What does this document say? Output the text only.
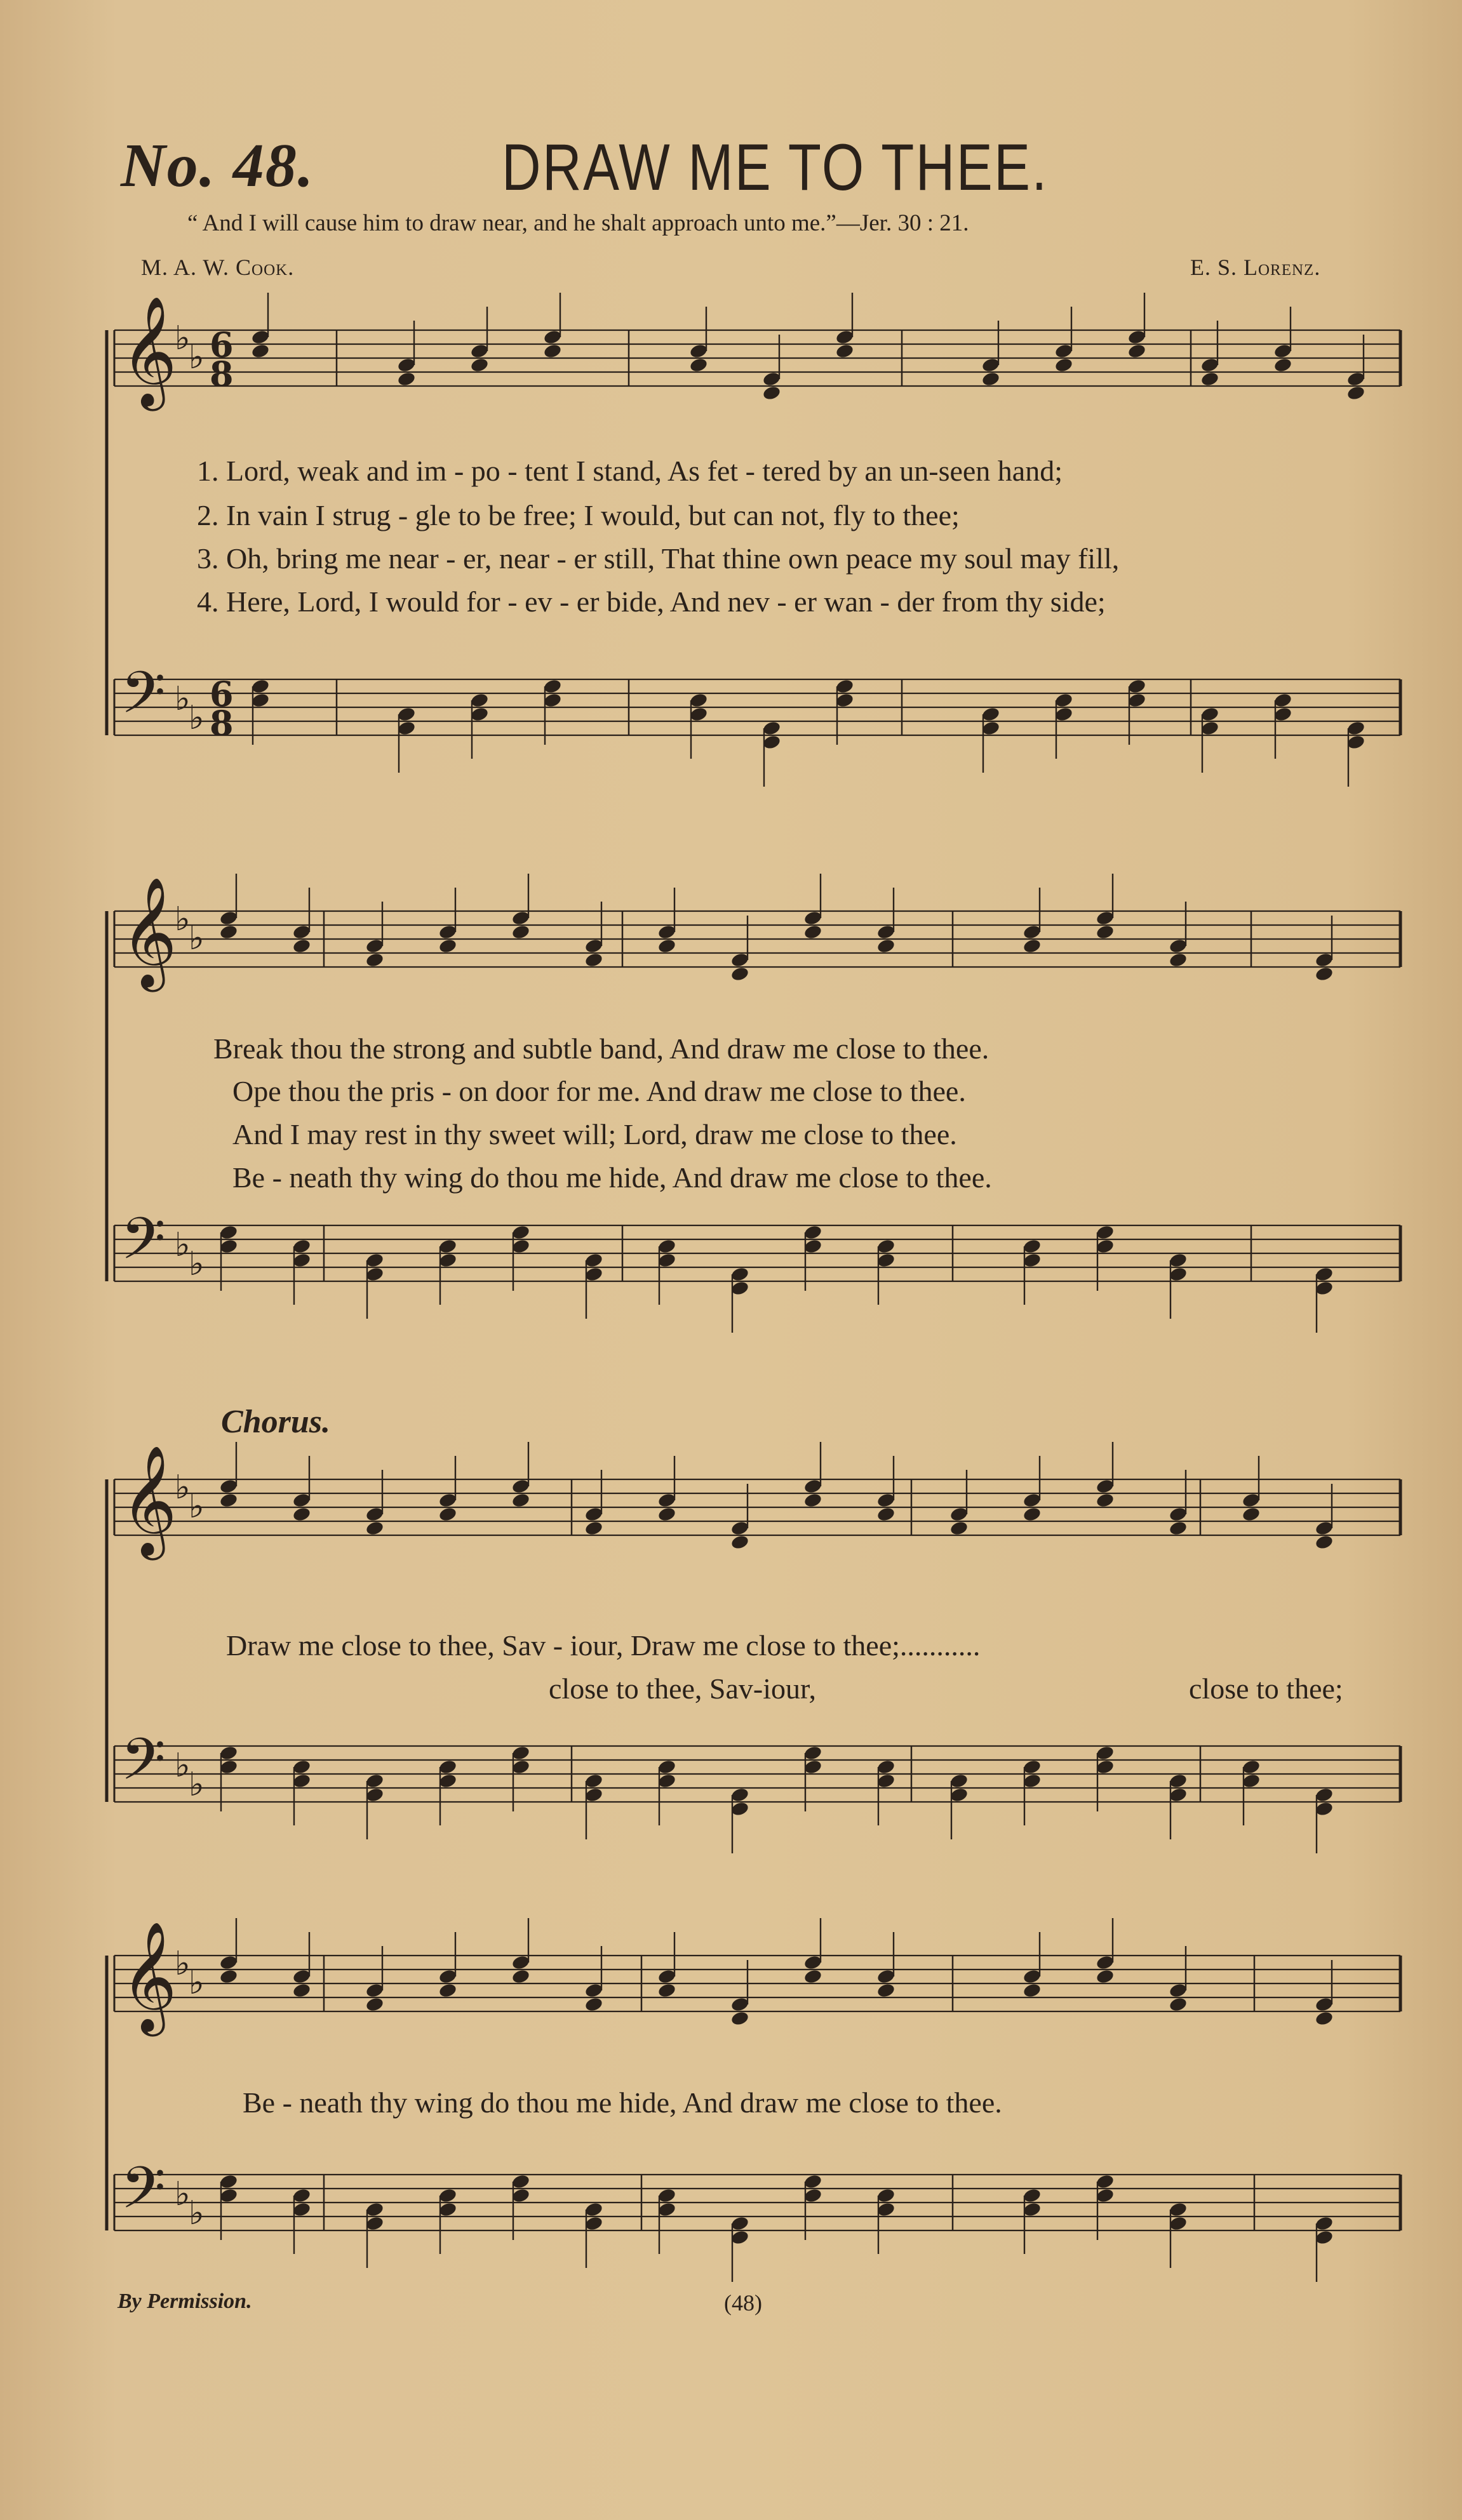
No. 48.	DRAW ME TO THEE.
“ And I will cause him to draw near, and he shalt approach unto me.”—Jer. 30 : 21.
M. A. W. Cook.	E. S. Lorenz.
1. Lord, weak and im - po - tent I stand, As fet - tered by an un-seen hand;
2. In vain I strug - gle to be free; I would, but can not, fly to thee;
3. Oh, bring me near - er, near - er still, That thine own peace my soul may fill,
4. Here, Lord, I would for - ev - er bide, And nev - er wan - der from thy side;
Break thou the strong and subtle band, And draw me close to thee.
Ope thou the pris - on door for me. And draw me close to thee.
And I may rest in thy sweet will; Lord, draw me close to thee.
Be - neath thy wing do thou me hide, And draw me close to thee.
Chorus.
Draw me close to thee, Sav - iour, Draw me close to thee;...........
close to thee, Sav-iour,	close to thee;
Be - neath thy wing do thou me hide, And draw me close to thee.
By Permission.	(48)
𝄞
♭
♭ 6
8
𝄢 ♭
♭
6
8
𝄞
♭
♭
𝄢 ♭
♭
𝄞
♭
♭
𝄢 ♭
♭
𝄞
♭
♭
𝄢 ♭
♭
